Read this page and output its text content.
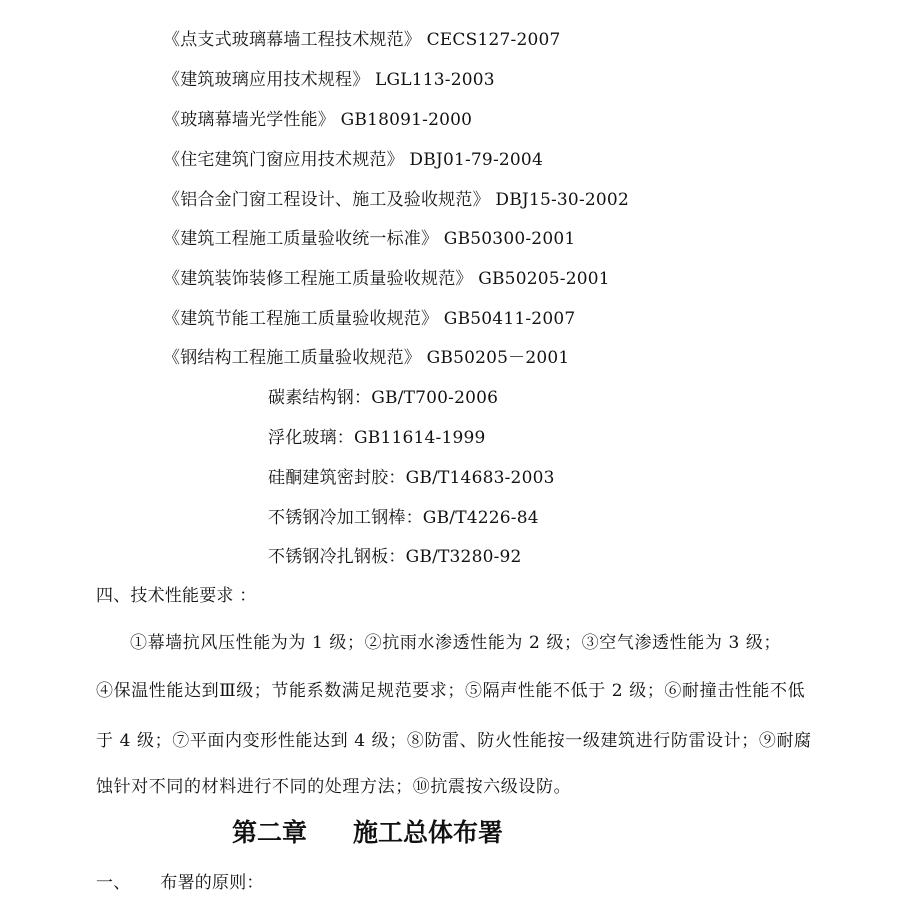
《点支式玻璃幕墙工程技术规范》 CECS127-2007
《建筑玻璃应用技术规程》 LGL113-2003
《玻璃幕墙光学性能》 GB18091-2000
《住宅建筑门窗应用技术规范》 DBJ01-79-2004
《铝合金门窗工程设计、施工及验收规范》 DBJ15-30-2002
《建筑工程施工质量验收统一标准》 GB50300-2001
《建筑装饰装修工程施工质量验收规范》 GB50205-2001
《建筑节能工程施工质量验收规范》 GB50411-2007
《钢结构工程施工质量验收规范》 GB50205－2001
碳素结构钢：GB/T700-2006
浮化玻璃：GB11614-1999
硅酮建筑密封胶：GB/T14683-2003
不锈钢冷加工钢棒：GB/T4226-84
不锈钢冷扎钢板：GB/T3280-92
四、技术性能要求 ：
①幕墙抗风压性能为为 1 级；②抗雨水渗透性能为 2 级；③空气渗透性能为 3 级；
④保温性能达到Ⅲ级；节能系数满足规范要求；⑤隔声性能不低于 2 级；⑥耐撞击性能不低
于 4 级；⑦平面内变形性能达到 4 级；⑧防雷、防火性能按一级建筑进行防雷设计；⑨耐腐
蚀针对不同的材料进行不同的处理方法；⑩抗震按六级设防。
第二章 施工总体布署
一、 布署的原则：
